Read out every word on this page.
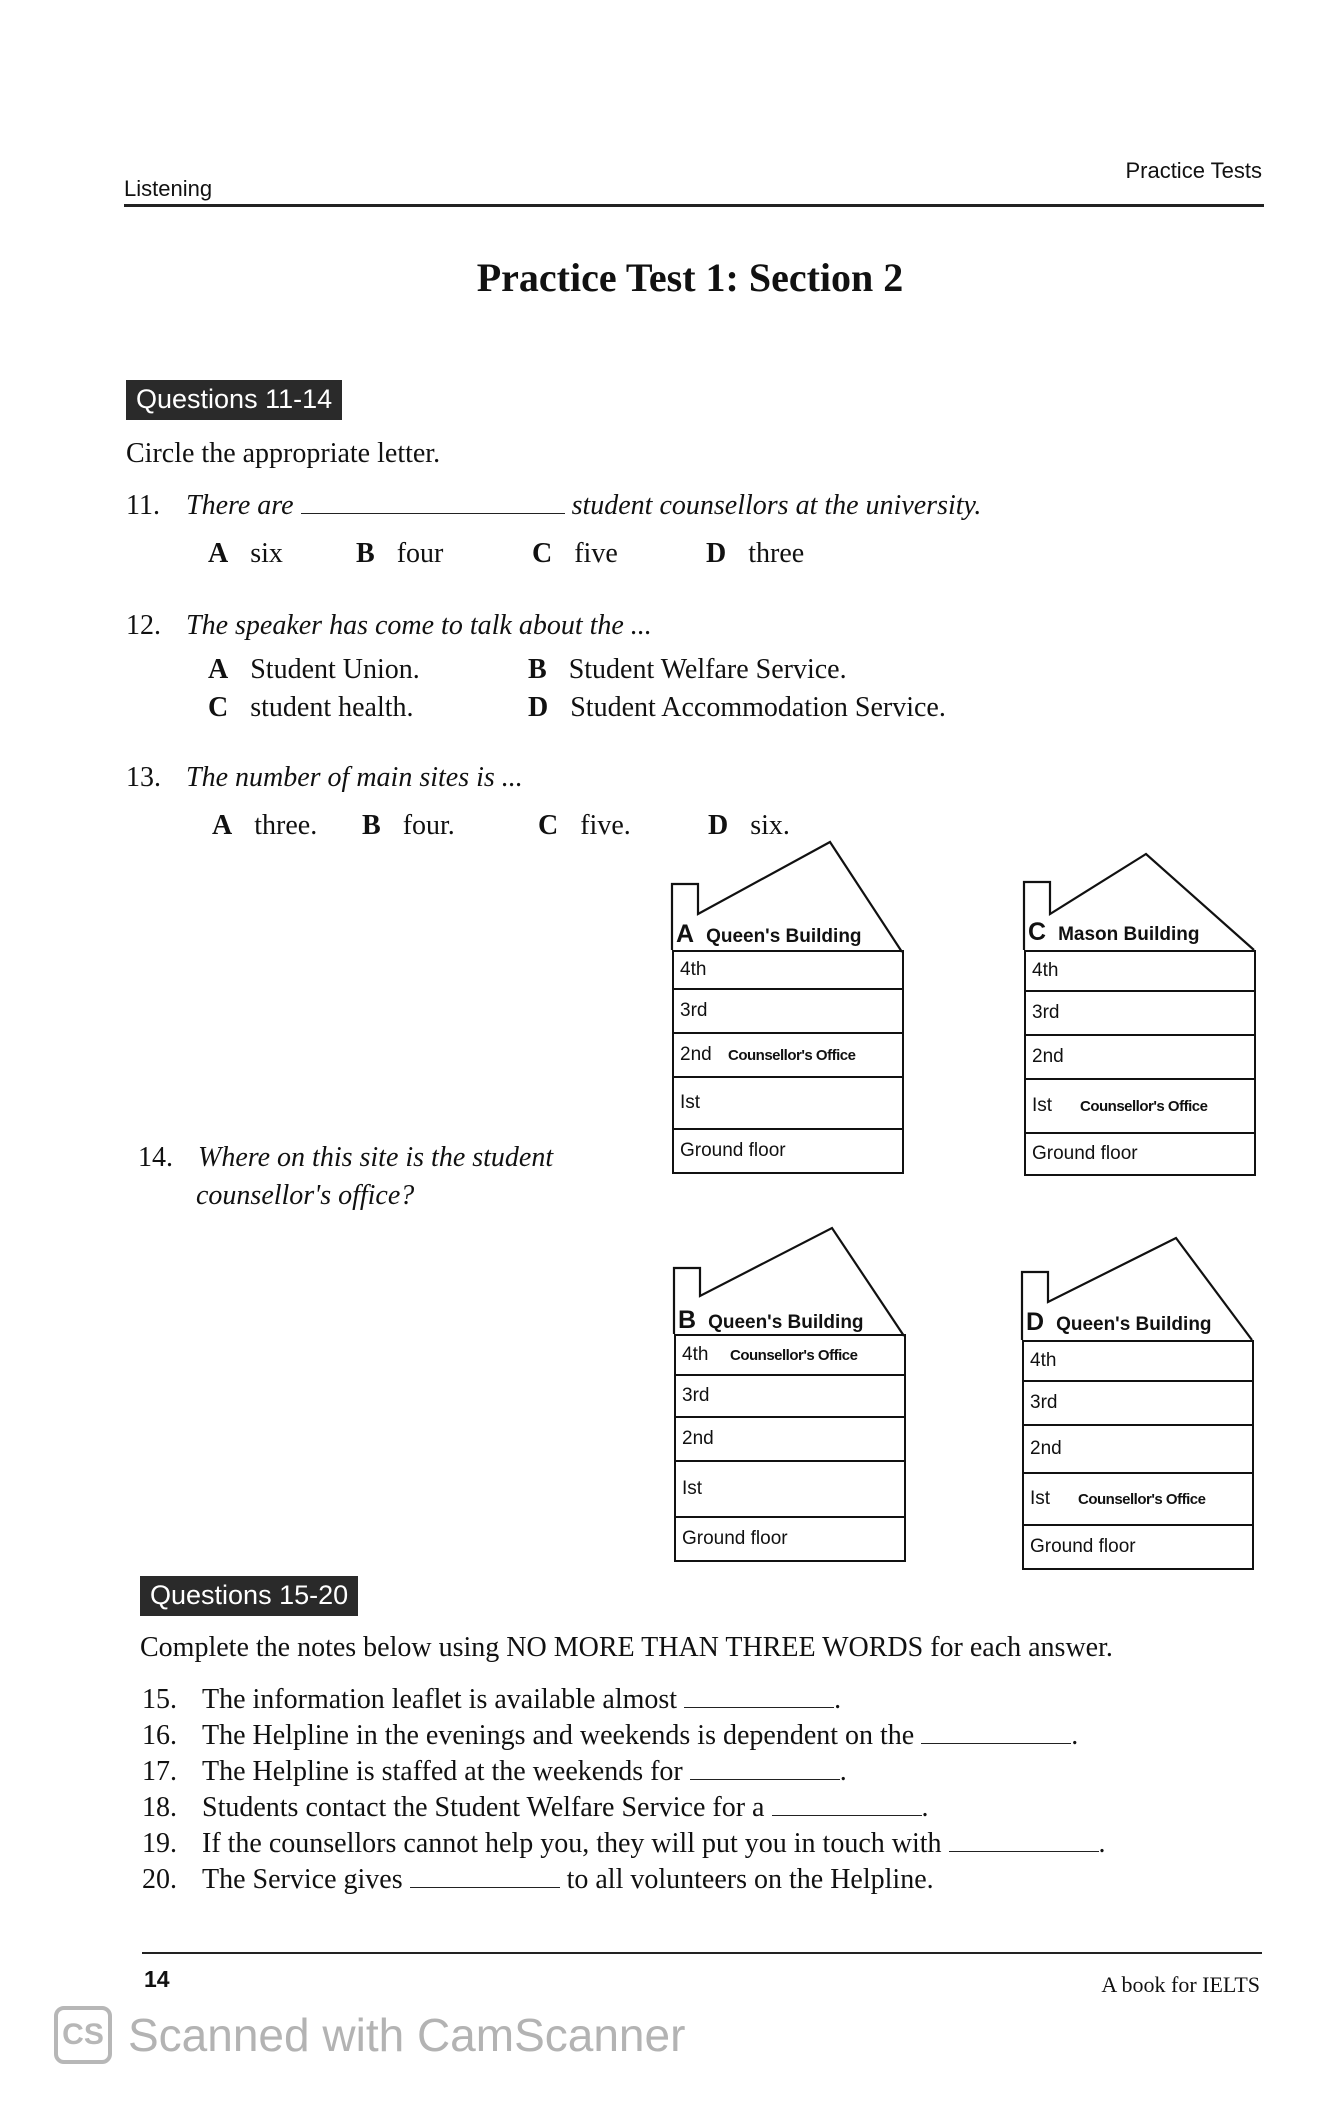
Listening
Practice Tests
Practice Test 1: Section 2
Questions 11-14
Circle the appropriate letter.
11. There are	student counsellors at the university.
A six	B four	C five	D three
12. The speaker has come to talk about the ...
A Student Union.	B Student Welfare Service.
C student health.	D Student Accommodation Service.
13. The number of main sites is ...
A three. B four.	C five.	D six.
14. Where on this site is the student
counsellor's office?
A Queen's Building
4th
3rd
2nd	Counsellor's Office
Ist
Ground floor
C Mason Building
4th
3rd
2nd
Ist	Counsellor's Office
Ground floor
B Queen's Building
4th	Counsellor's Office
3rd
2nd
Ist
Ground floor
D Queen's Building
4th
3rd
2nd
Ist	Counsellor's Office
Ground floor
Questions 15-20
Complete the notes below using NO MORE THAN THREE WORDS for each answer.
15. The information leaflet is available almost	.
16. The Helpline in the evenings and weekends is dependent on the	.
17. The Helpline is staffed at the weekends for	.
18. Students contact the Student Welfare Service for a	.
19. If the counsellors cannot help you, they will put you in touch with	.
20. The Service gives	to all volunteers on the Helpline.
14	A book for IELTS
CS Scanned with CamScanner
